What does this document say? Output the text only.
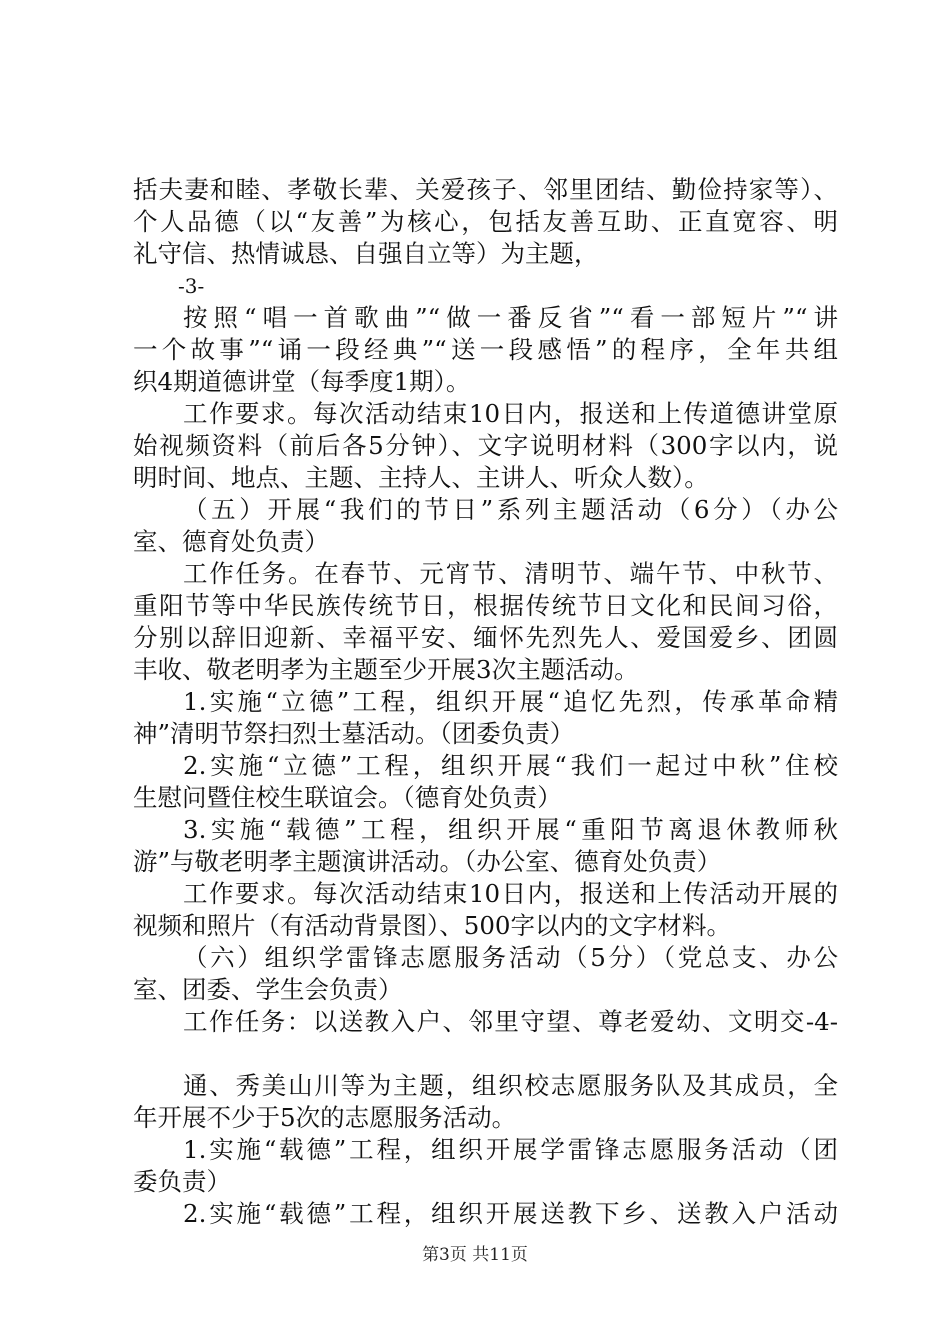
括夫妻和睦、孝敬长辈、关爱孩子、邻里团结、勤俭持家等）、
个人品德（以“友善”为核心，包括友善互助、正直宽容、明
礼守信、热情诚恳、自强自立等）为主题，
-3-
按照“唱一首歌曲”“做一番反省”“看一部短片”“讲
一个故事”“诵一段经典”“送一段感悟”的程序，全年共组
织4期道德讲堂（每季度1期）。
工作要求。每次活动结束10日内，报送和上传道德讲堂原
始视频资料（前后各5分钟）、文字说明材料（300字以内，说
明时间、地点、主题、主持人、主讲人、听众人数）。
（五）开展“我们的节日”系列主题活动（6分）（办公
室、德育处负责）
工作任务。在春节、元宵节、清明节、端午节、中秋节、
重阳节等中华民族传统节日，根据传统节日文化和民间习俗，
分别以辞旧迎新、幸福平安、缅怀先烈先人、爱国爱乡、团圆
丰收、敬老明孝为主题至少开展3次主题活动。
1.实施“立德”工程，组织开展“追忆先烈，传承革命精
神”清明节祭扫烈士墓活动。（团委负责）
2.实施“立德”工程，组织开展“我们一起过中秋”住校
生慰问暨住校生联谊会。（德育处负责）
3.实施“载德”工程，组织开展“重阳节离退休教师秋
游”与敬老明孝主题演讲活动。（办公室、德育处负责）
工作要求。每次活动结束10日内，报送和上传活动开展的
视频和照片（有活动背景图）、500字以内的文字材料。
（六）组织学雷锋志愿服务活动（5分）（党总支、办公
室、团委、学生会负责）
工作任务：以送教入户、邻里守望、尊老爱幼、文明交-4-
通、秀美山川等为主题，组织校志愿服务队及其成员，全
年开展不少于5次的志愿服务活动。
1.实施“载德”工程，组织开展学雷锋志愿服务活动（团
委负责）
2.实施“载德”工程，组织开展送教下乡、送教入户活动
第3页 共11页
